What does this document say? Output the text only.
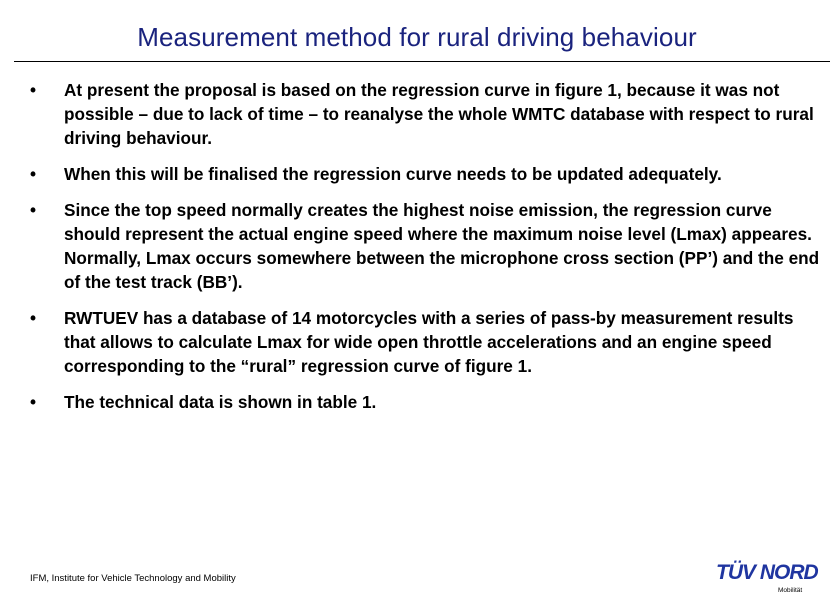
Measurement method for rural driving behaviour
•	At present the proposal is based on the regression curve in figure 1, because it was not possible – due to lack of time – to reanalyse the whole WMTC database with respect to rural driving behaviour.
•	When this will be finalised the regression curve needs to be updated adequately.
•	Since the top speed normally creates the highest noise emission, the regression curve should represent the actual engine speed where the maximum noise level (Lmax) appeares. Normally, Lmax occurs somewhere between the microphone cross section (PP’) and the end of the test track (BB’).
•	RWTUEV has a database of 14 motorcycles with a series of pass-by measurement results that allows to calculate Lmax for wide open throttle accelerations and an engine speed corresponding to the “rural” regression curve of figure 1.
•	The technical data is shown in table 1.
IFM, Institute for Vehicle Technology and Mobility	TÜV NORD
Mobilität
